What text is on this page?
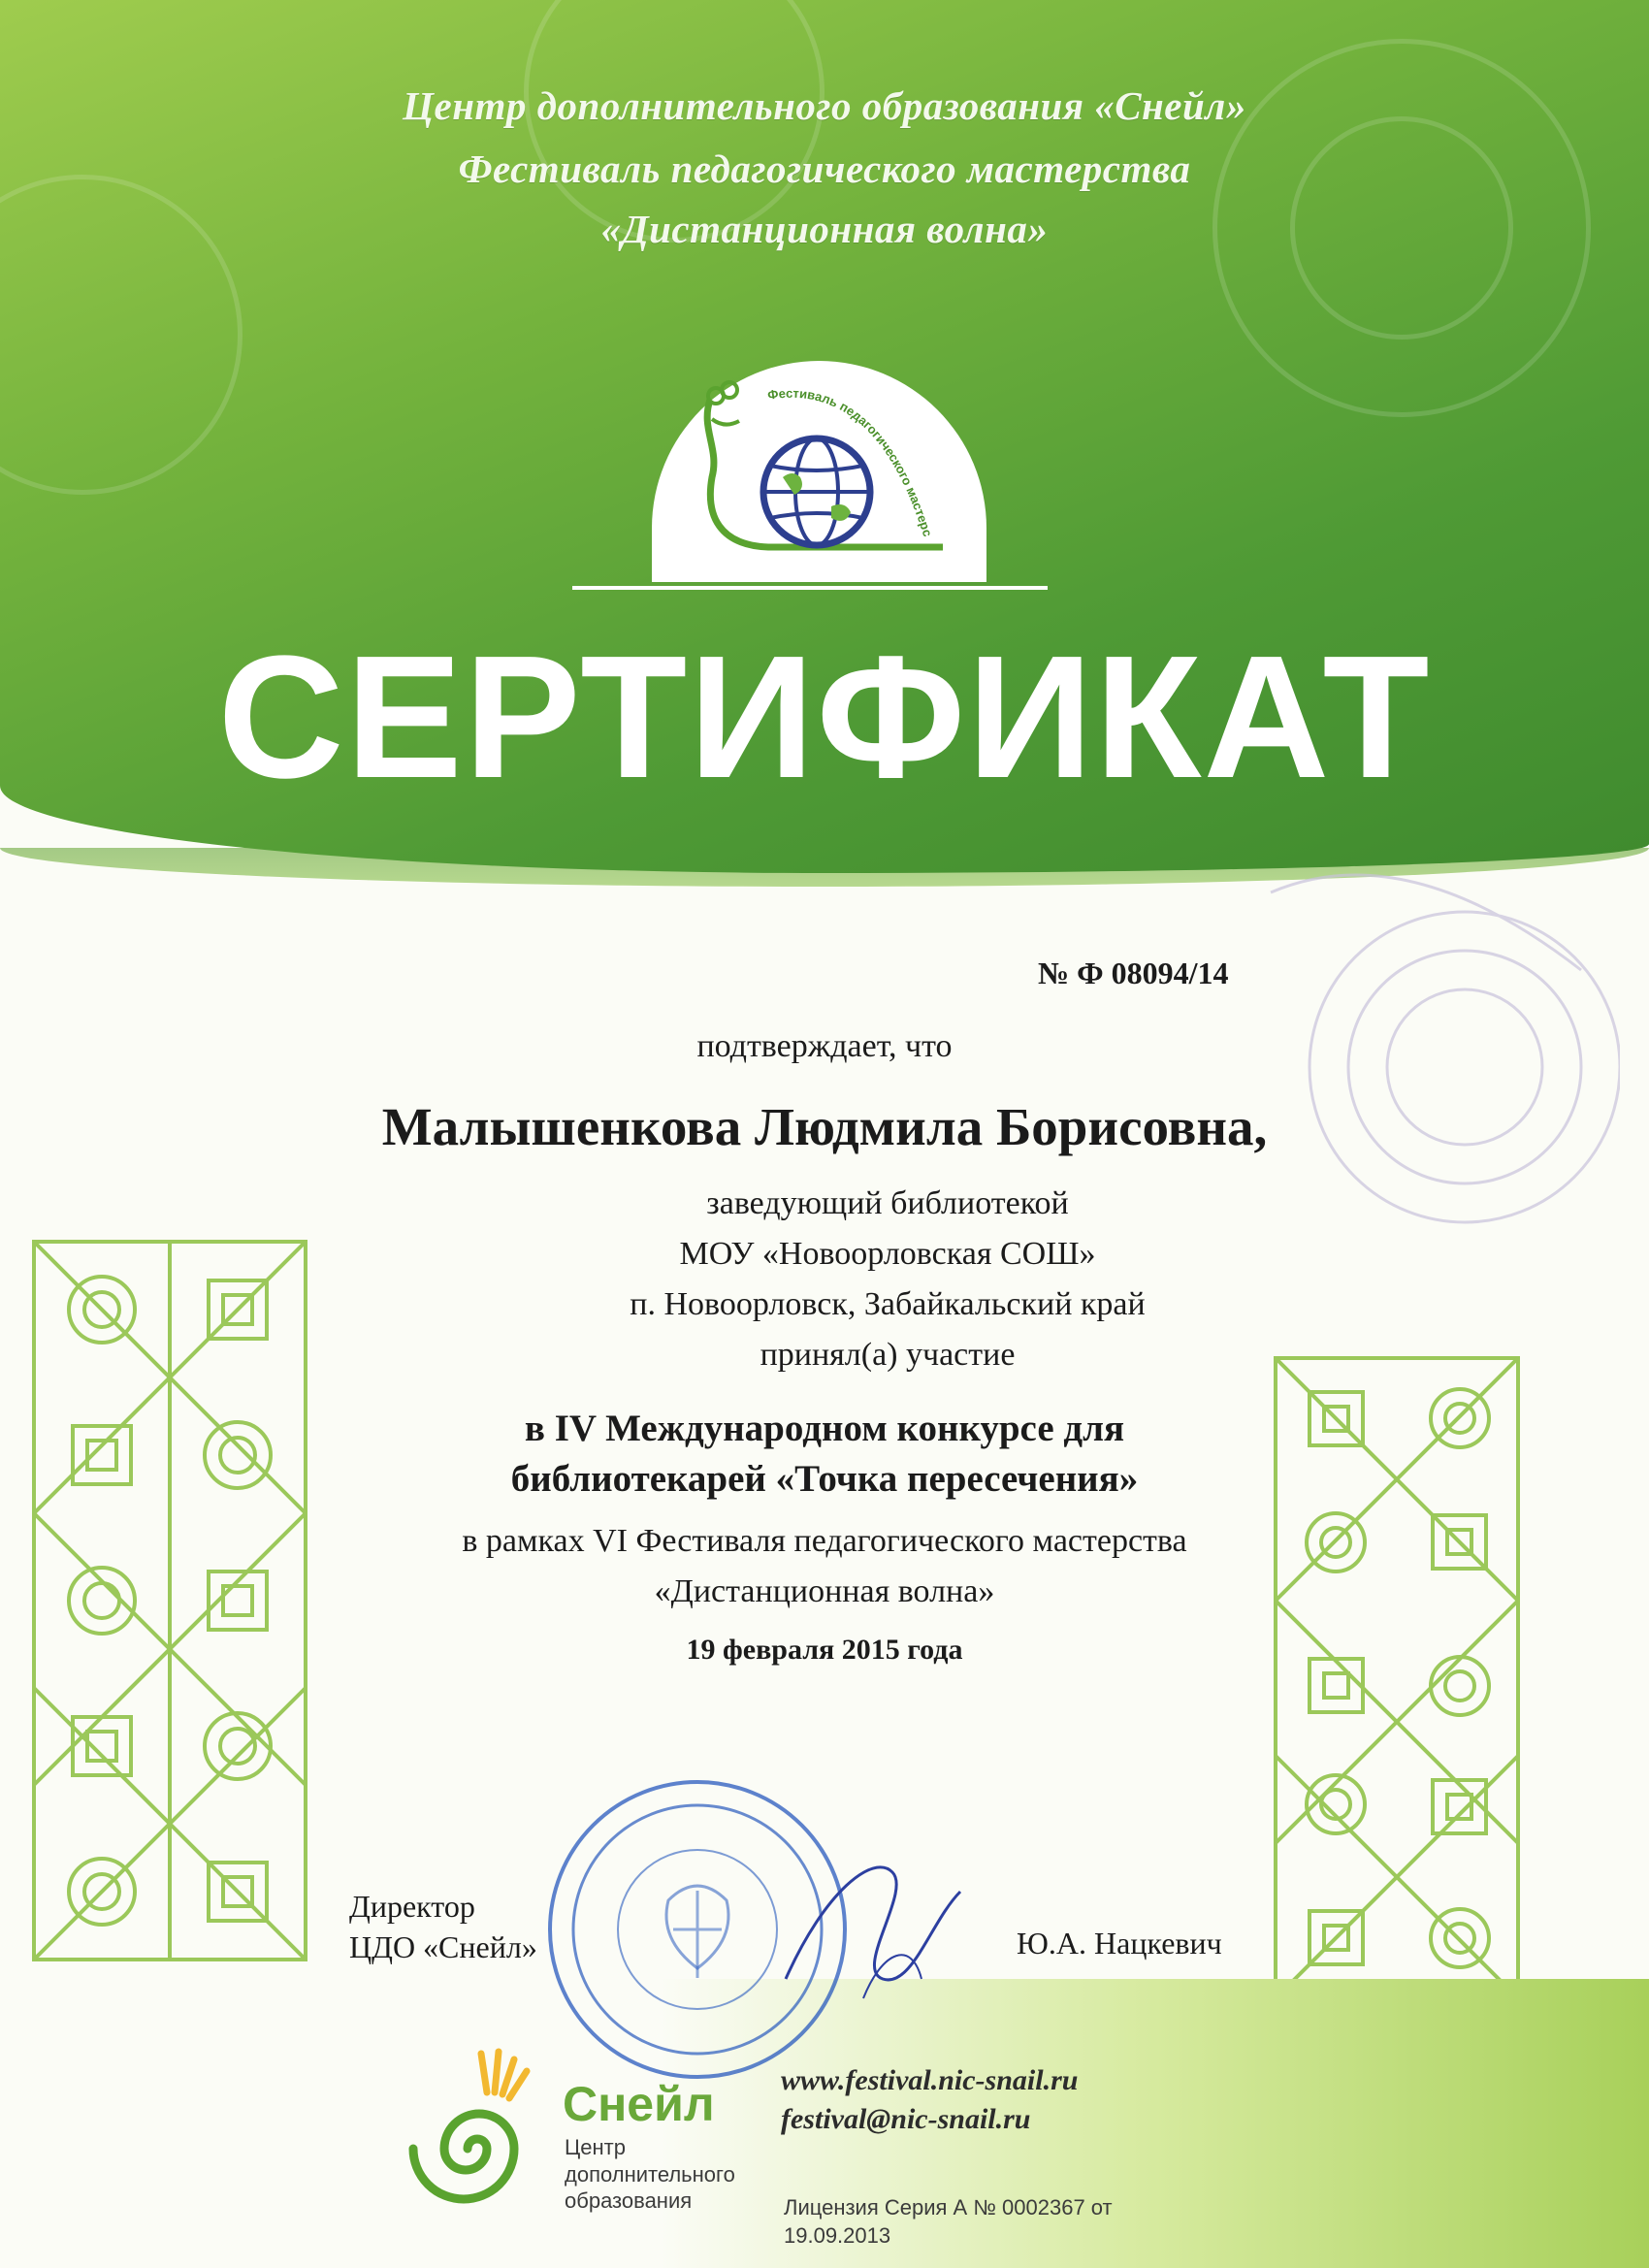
Центр дополнительного образования «Снейл»
Фестиваль педагогического мастерства
«Дистанционная волна»
Фестиваль педагогического мастерс
СЕРТИФИКАТ
№ Ф 08094/14
подтверждает, что
Малышенкова Людмила Борисовна,
заведующий библиотекой
МОУ «Новоорловская СОШ»
п. Новоорловск, Забайкальский край
принял(а) участие
в IV Международном конкурсе для
библиотекарей «Точка пересечения»
в рамках VI Фестиваля педагогического мастерства
«Дистанционная волна»
19 февраля 2015 года
Директор
ЦДО «Снейл»	Ю.А. Нацкевич
Снейл
Центр
дополнительного
образования
www.festival.nic-snail.ru
festival@nic-snail.ru
Лицензия Серия А № 0002367 от
19.09.2013
